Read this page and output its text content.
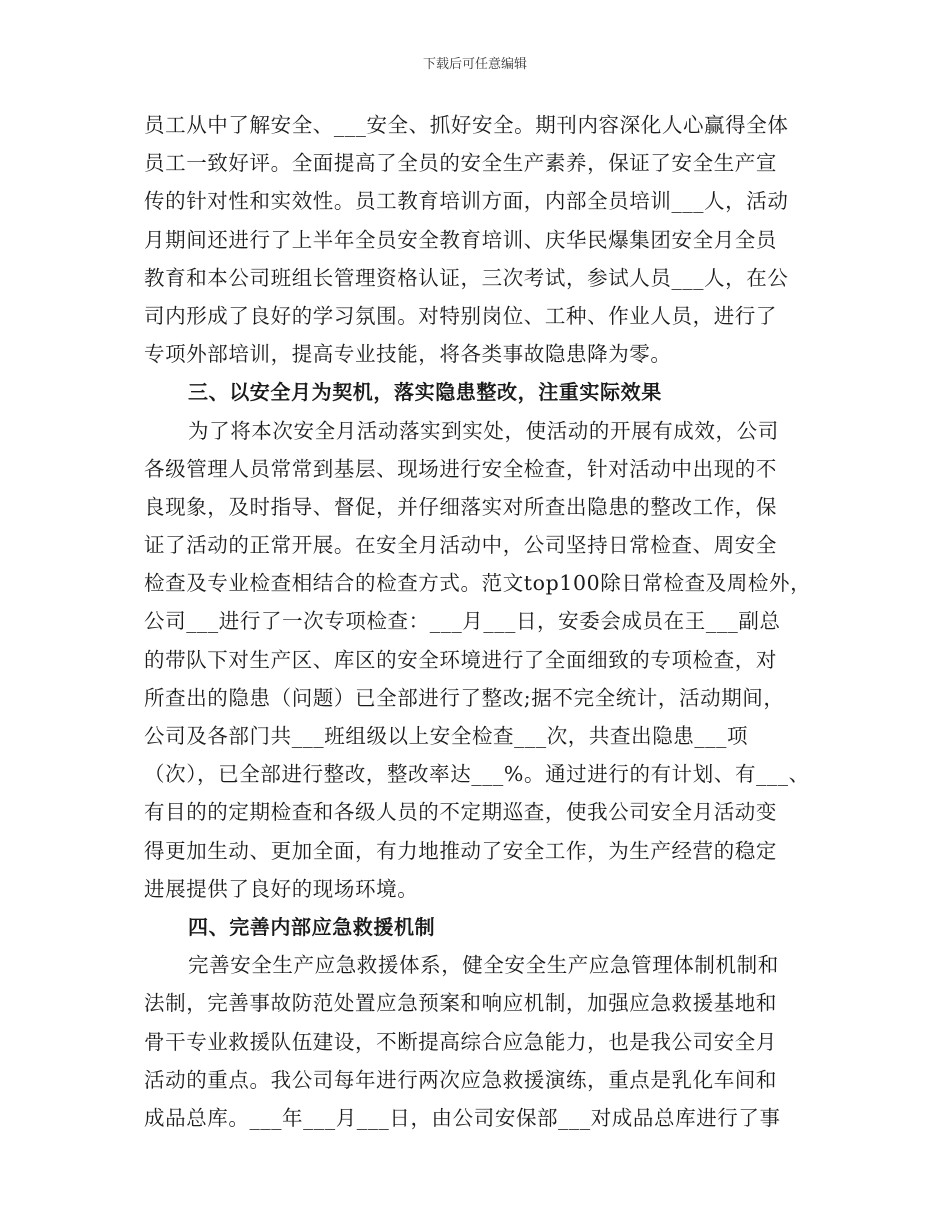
下载后可任意编辑
员工从中了解安全、___安全、抓好安全。期刊内容深化人心赢得全体
员工一致好评。全面提高了全员的安全生产素养，保证了安全生产宣
传的针对性和实效性。员工教育培训方面，内部全员培训___人，活动
月期间还进行了上半年全员安全教育培训、庆华民爆集团安全月全员
教育和本公司班组长管理资格认证，三次考试，参试人员___人，在公
司内形成了良好的学习氛围。对特别岗位、工种、作业人员，进行了
专项外部培训，提高专业技能，将各类事故隐患降为零。
三、以安全月为契机，落实隐患整改，注重实际效果
为了将本次安全月活动落实到实处，使活动的开展有成效，公司
各级管理人员常常到基层、现场进行安全检查，针对活动中出现的不
良现象，及时指导、督促，并仔细落实对所查出隐患的整改工作，保
证了活动的正常开展。在安全月活动中，公司坚持日常检查、周安全
检查及专业检查相结合的检查方式。范文top100除日常检查及周检外，
公司___进行了一次专项检查：___月___日，安委会成员在王___副总
的带队下对生产区、库区的安全环境进行了全面细致的专项检查，对
所查出的隐患（问题）已全部进行了整改;据不完全统计，活动期间，
公司及各部门共___班组级以上安全检查___次，共查出隐患___项
（次），已全部进行整改，整改率达___%。通过进行的有计划、有___、
有目的的定期检查和各级人员的不定期巡查，使我公司安全月活动变
得更加生动、更加全面，有力地推动了安全工作，为生产经营的稳定
进展提供了良好的现场环境。
四、完善内部应急救援机制
完善安全生产应急救援体系，健全安全生产应急管理体制机制和
法制，完善事故防范处置应急预案和响应机制，加强应急救援基地和
骨干专业救援队伍建设，不断提高综合应急能力，也是我公司安全月
活动的重点。我公司每年进行两次应急救援演练，重点是乳化车间和
成品总库。___年___月___日，由公司安保部___对成品总库进行了事
